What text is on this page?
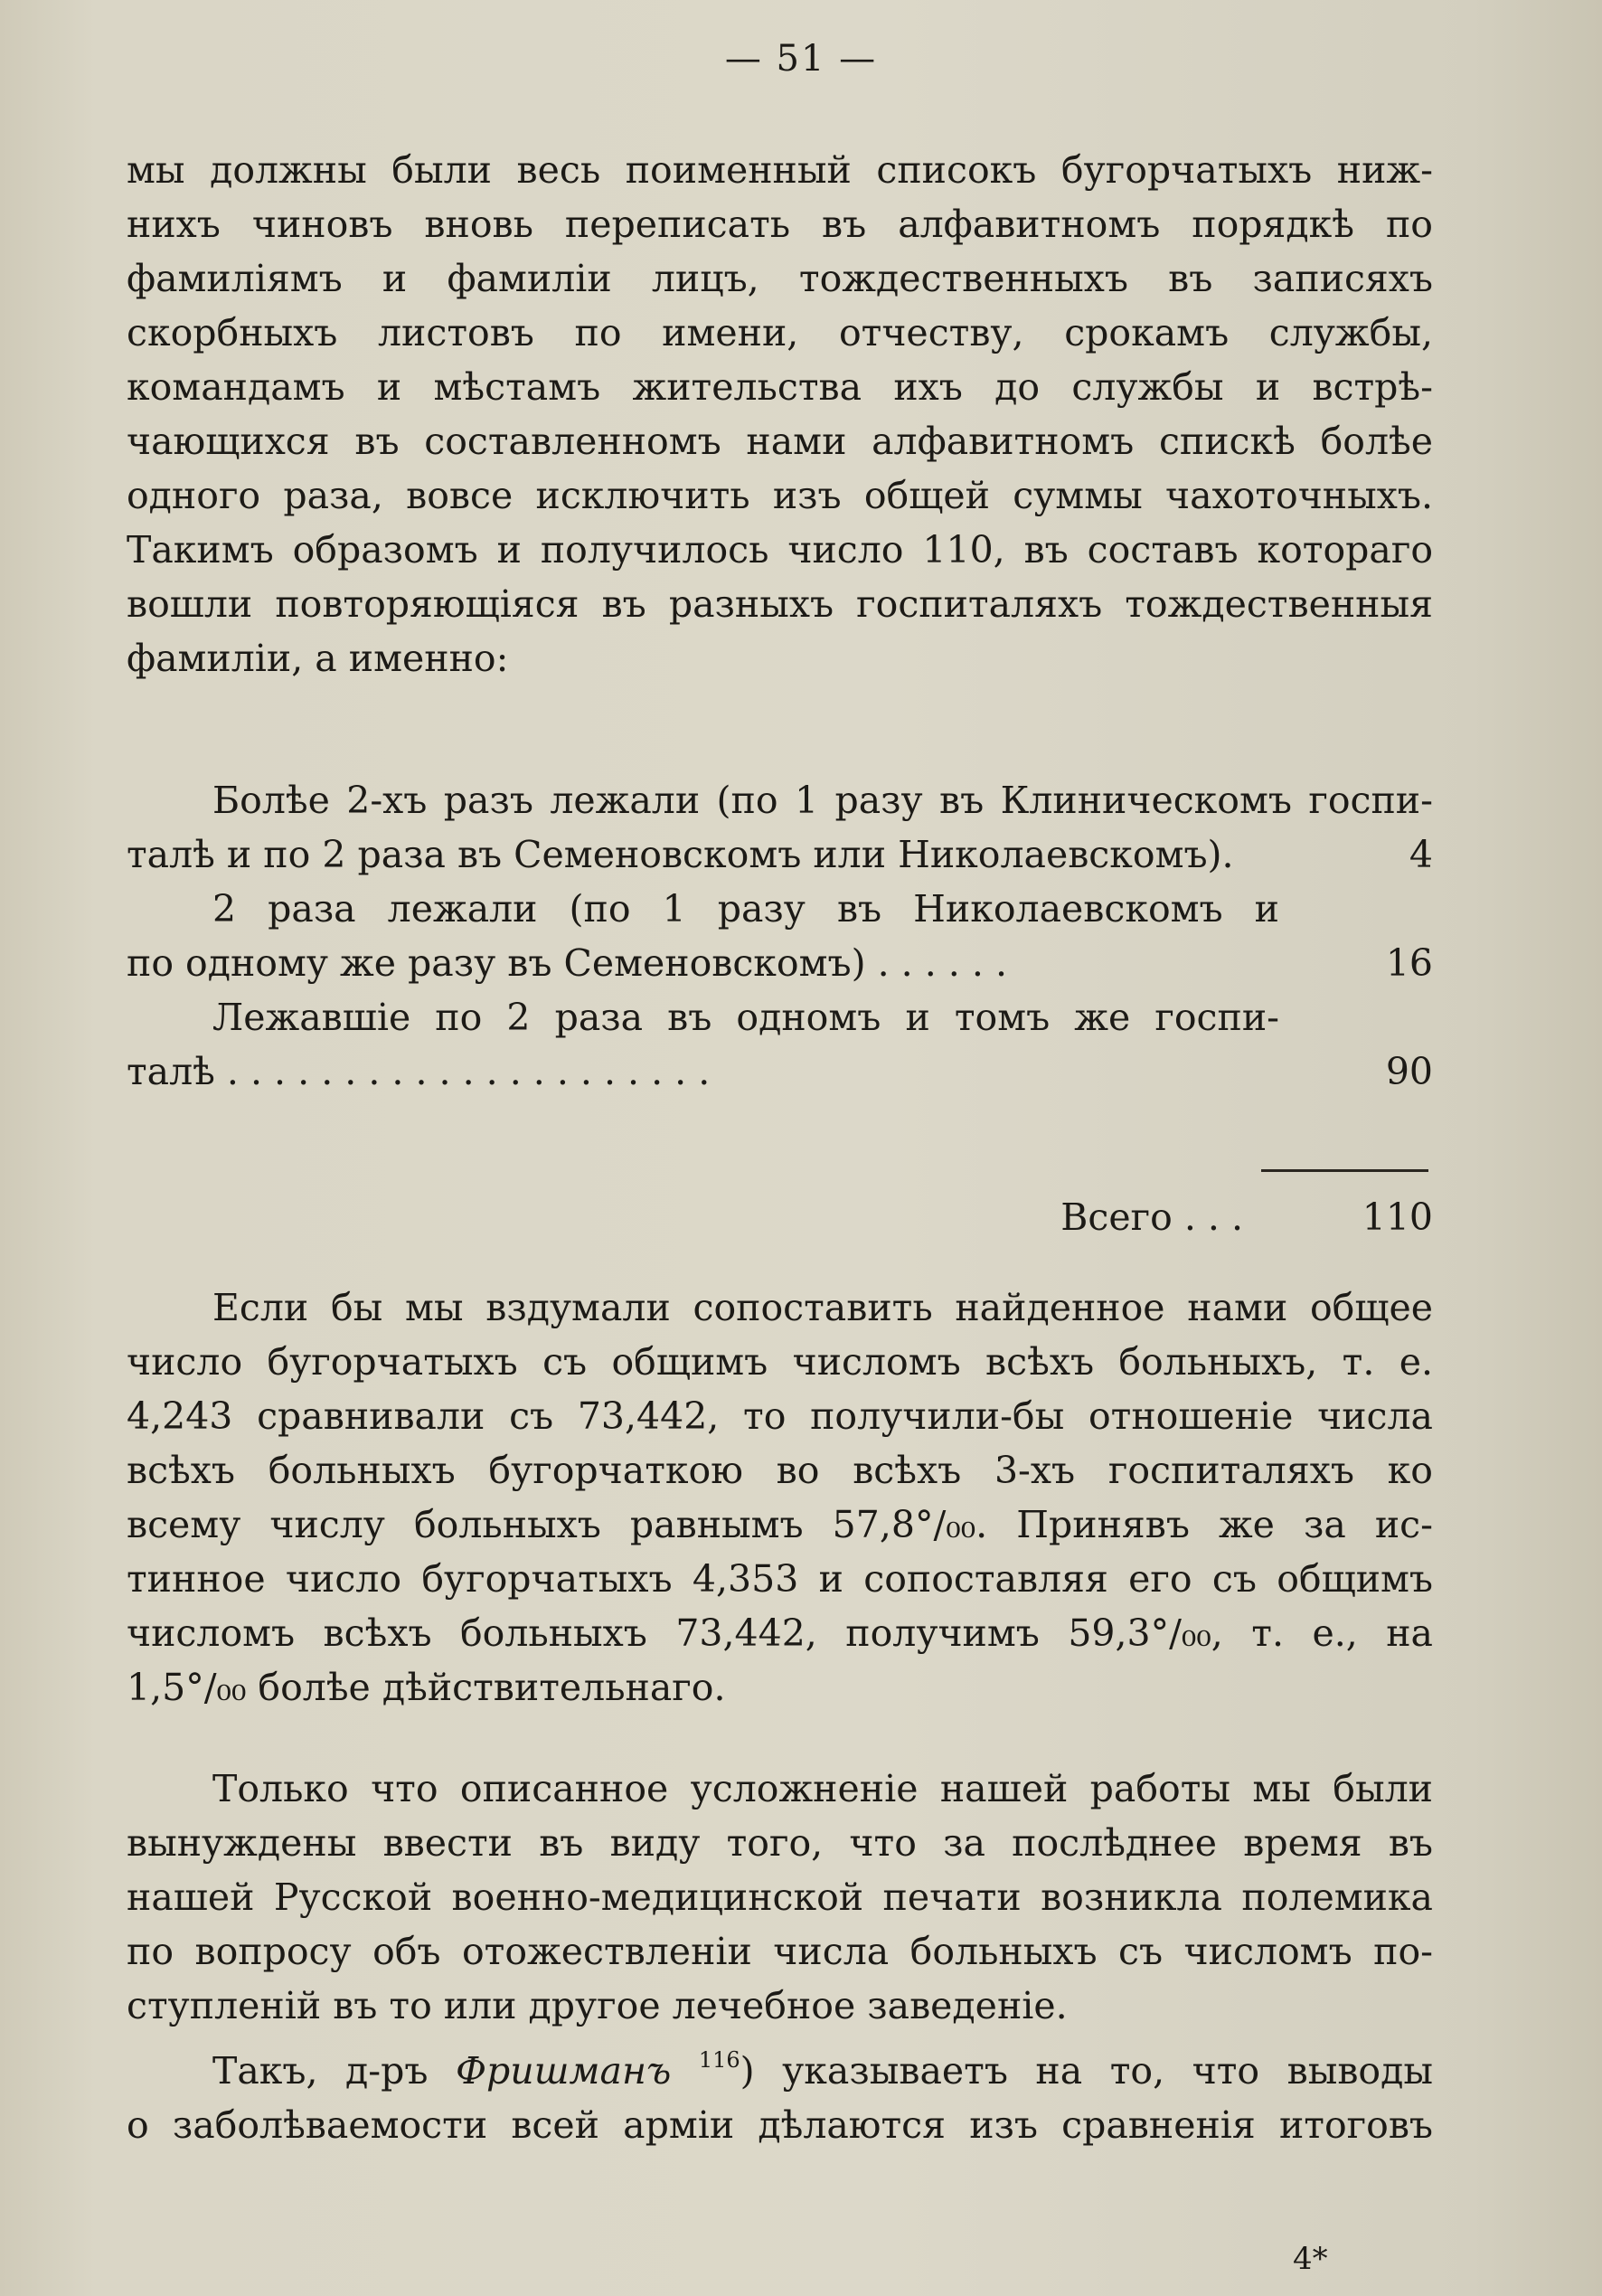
— 51 —
мы должны были весь поименный списокъ бугорчатыхъ ниж-
нихъ чиновъ вновь переписать въ алфавитномъ порядкѣ по
фамиліямъ и фамиліи лицъ, тождественныхъ въ записяхъ
скорбныхъ листовъ по имени, отчеству, срокамъ службы,
командамъ и мѣстамъ жительства ихъ до службы и встрѣ-
чающихся въ составленномъ нами алфавитномъ спискѣ болѣе
одного раза, вовсе исключить изъ общей суммы чахоточныхъ.
Такимъ образомъ и получилось число 110, въ составъ котораго
вошли повторяющіяся въ разныхъ госпиталяхъ тождественныя
фамиліи, а именно:
Болѣе 2-хъ разъ лежали (по 1 разу въ Клиническомъ госпи-
талѣ и по 2 раза въ Семеновскомъ или Николаевскомъ).	4
2 раза лежали (по 1 разу въ Николаевскомъ и
по одному же разу въ Семеновскомъ) . . . . . .	16
Лежавшіе по 2 раза въ одномъ и томъ же госпи-
талѣ . . . . . . . . . . . . . . . . . . . . .	90
Всего . . .	110
Если бы мы вздумали сопоставить найденное нами общее
число бугорчатыхъ съ общимъ числомъ всѣхъ больныхъ, т. е.
4,243 сравнивали съ 73,442, то получили-бы отношеніе числа
всѣхъ больныхъ бугорчаткою во всѣхъ 3-хъ госпиталяхъ ко
всему числу больныхъ равнымъ 57,8°/₀₀. Принявъ же за ис-
тинное число бугорчатыхъ 4,353 и сопоставляя его съ общимъ
числомъ всѣхъ больныхъ 73,442, получимъ 59,3°/₀₀, т. е., на
1,5°/₀₀ болѣе дѣйствительнаго.
Только что описанное усложненіе нашей работы мы были
вынуждены ввести въ виду того, что за послѣднее время въ
нашей Русской военно-медицинской печати возникла полемика
по вопросу объ отожествленіи числа больныхъ съ числомъ по-
ступленій въ то или другое лечебное заведеніе.
Такъ, д-ръ Фришманъ $^{116}$) указываетъ на то, что выводы
о заболѣваемости всей арміи дѣлаются изъ сравненія итоговъ
4*
